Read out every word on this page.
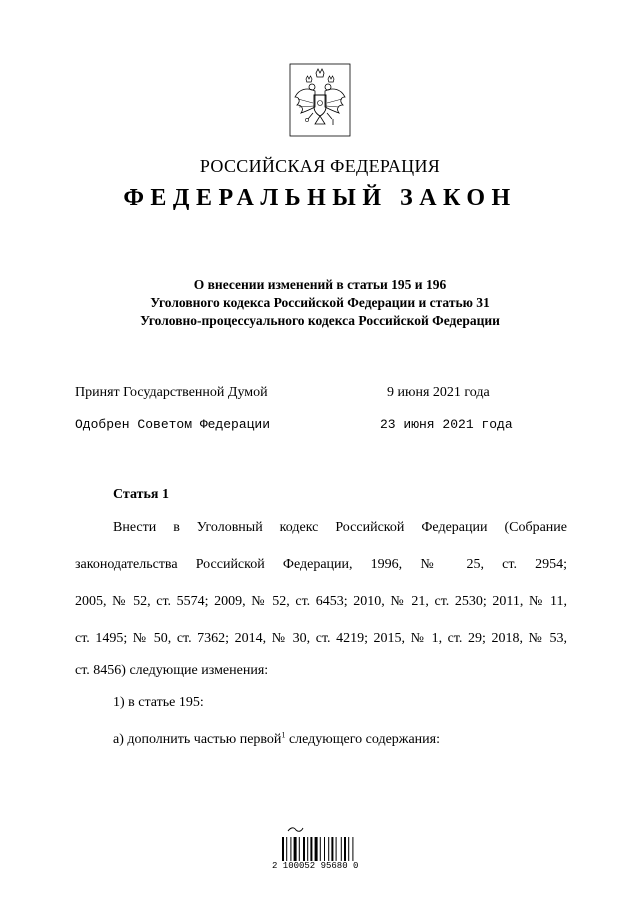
РОССИЙСКАЯ ФЕДЕРАЦИЯ
ФЕДЕРАЛЬНЫЙ ЗАКОН
О внесении изменений в статьи 195 и 196
Уголовного кодекса Российской Федерации и статью 31
Уголовно-процессуального кодекса Российской Федерации
Принят Государственной Думой	9 июня 2021 года
Одобрен Советом Федерации	23 июня 2021 года
Статья 1
Внести в Уголовный кодекс Российской Федерации (Собрание
законодательства Российской Федерации, 1996, № 25, ст. 2954;
2005, № 52, ст. 5574; 2009, № 52, ст. 6453; 2010, № 21, ст. 2530; 2011, № 11,
ст. 1495; № 50, ст. 7362; 2014, № 30, ст. 4219; 2015, № 1, ст. 29; 2018, № 53,
ст. 8456) следующие изменения:
1) в статье 195:
а) дополнить частью первой$^1$ следующего содержания:
2 100052 95680 0
